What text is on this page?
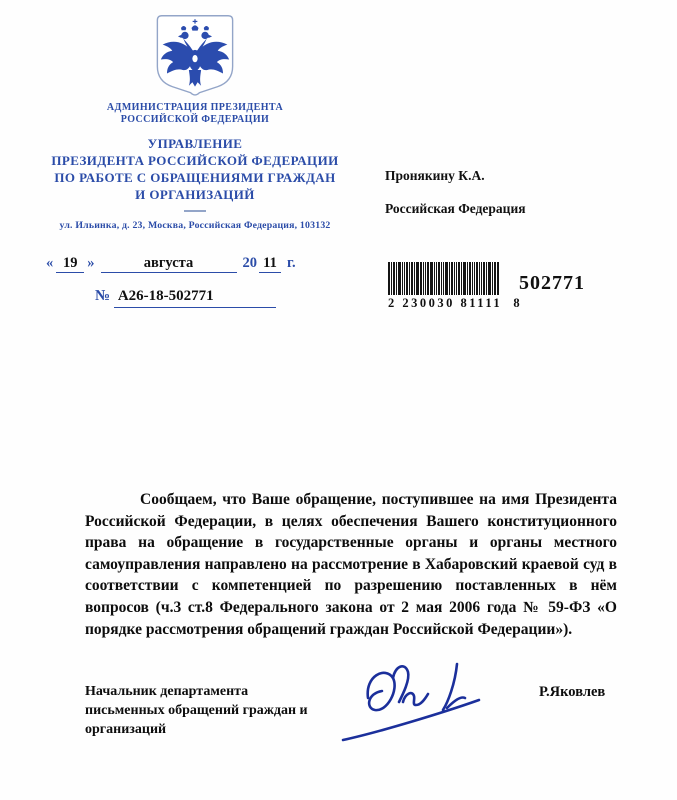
АДМИНИСТРАЦИЯ ПРЕЗИДЕНТА
РОССИЙСКОЙ ФЕДЕРАЦИИ
УПРАВЛЕНИЕ
ПРЕЗИДЕНТА РОССИЙСКОЙ ФЕДЕРАЦИИ
ПО РАБОТЕ С ОБРАЩЕНИЯМИ ГРАЖДАН
И ОРГАНИЗАЦИЙ
ул. Ильинка, д. 23, Москва, Российская Федерация, 103132
« 19 »	августа	20 11 г.
№ А26-18-502771
Пронякину К.А.
Российская Федерация
2 230030 81111  8
502771
Сообщаем, что Ваше обращение, поступившее на имя Президента Российской Федерации, в целях обеспечения Вашего конституционного права на обращение в государственные органы и органы местного самоуправления направлено на рассмотрение в Хабаровский краевой суд в соответствии с компетенцией по разрешению поставленных в нём вопросов (ч.3 ст.8 Федерального закона от 2 мая 2006 года № 59-ФЗ «О порядке рассмотрения обращений граждан Российской Федерации»).
Начальник департамента
письменных обращений граждан и
организаций
Р.Яковлев
